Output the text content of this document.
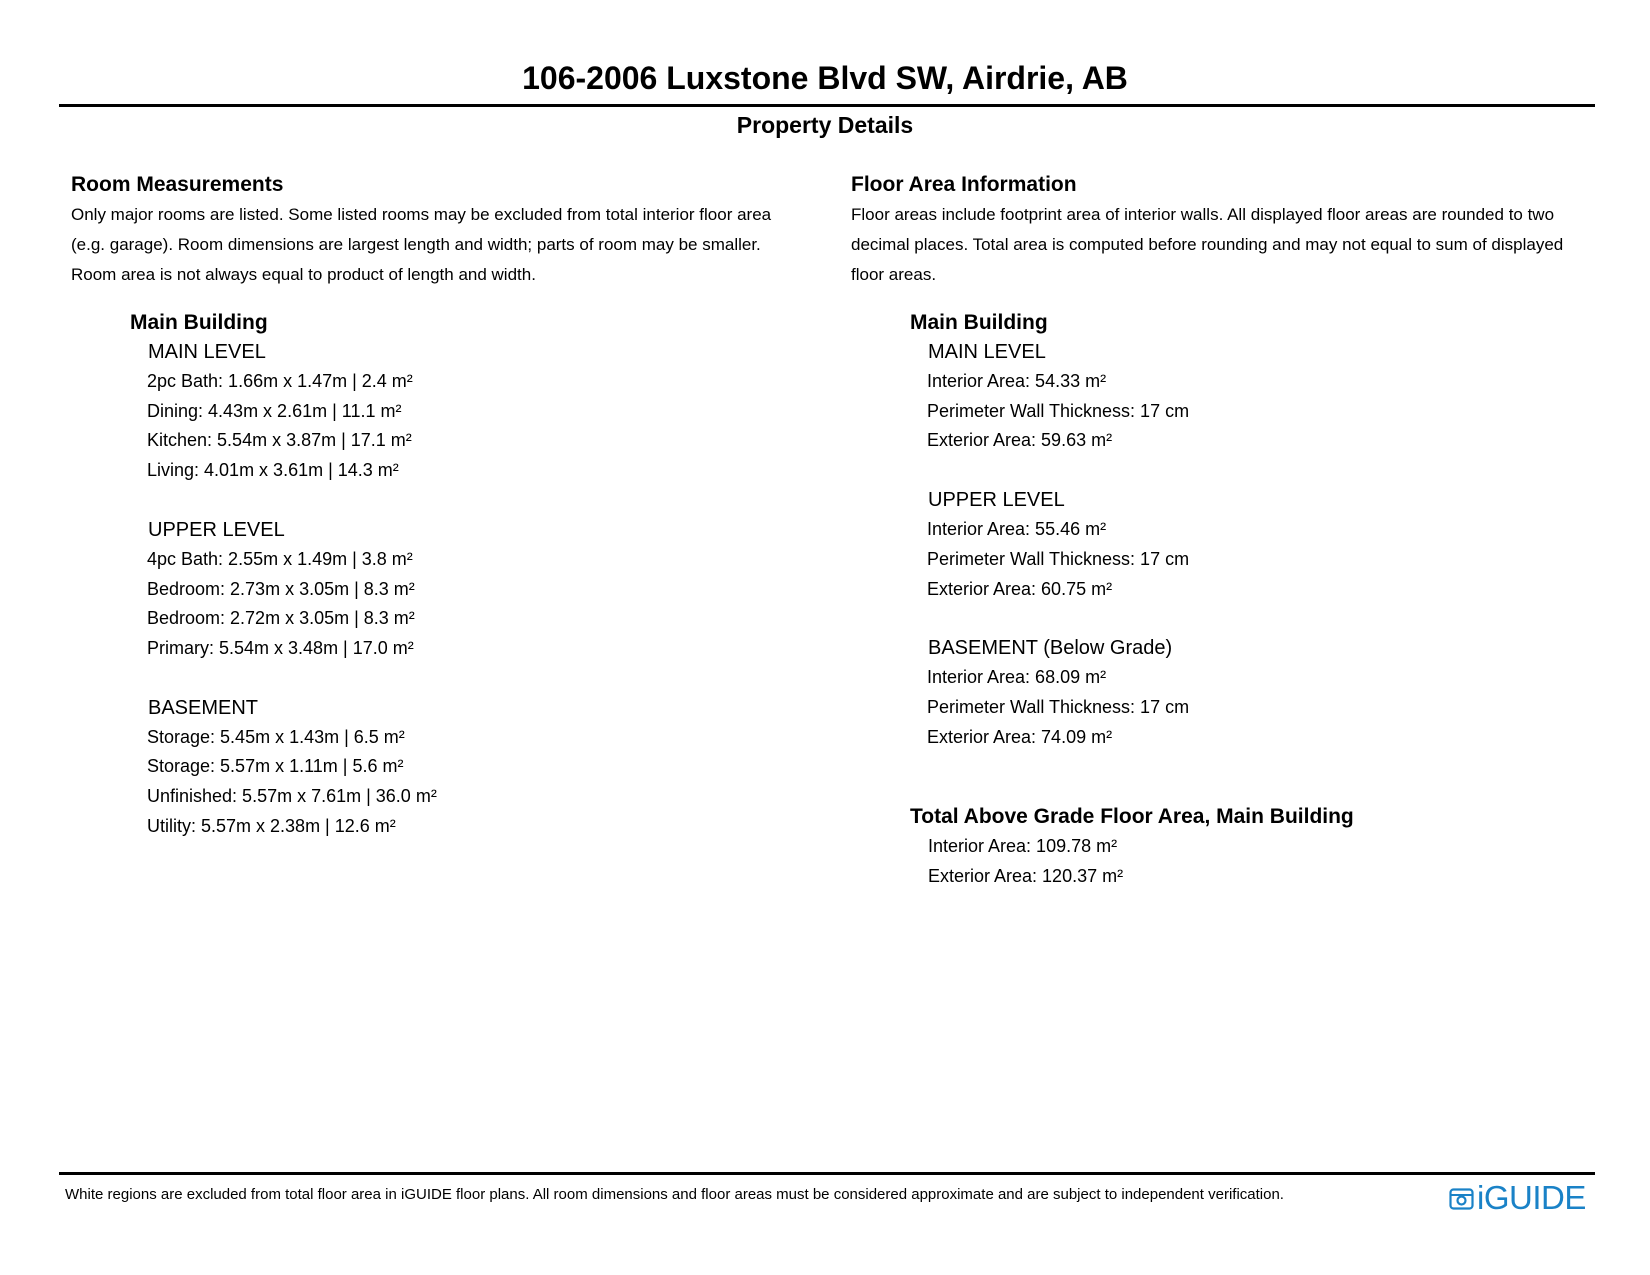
106-2006 Luxstone Blvd SW, Airdrie, AB
Property Details

Room Measurements

Only major rooms are listed. Some listed rooms may be excluded from total interior floor area

(e.g. garage). Room dimensions are largest length and width; parts of room may be smaller.

Room area is not always equal to product of length and width.

Main Building
MAIN LEVEL
2pc Bath: 1.66m x 1.47m | 2.4 m²
Dining: 4.43m x 2.61m | 11.1 m²
Kitchen: 5.54m x 3.87m | 17.1 m²
Living: 4.01m x 3.61m | 14.3 m²
UPPER LEVEL
4pc Bath: 2.55m x 1.49m | 3.8 m²
Bedroom: 2.73m x 3.05m | 8.3 m²
Bedroom: 2.72m x 3.05m | 8.3 m²
Primary: 5.54m x 3.48m | 17.0 m²
BASEMENT
Storage: 5.45m x 1.43m | 6.5 m²
Storage: 5.57m x 1.11m | 5.6 m²
Unfinished: 5.57m x 7.61m | 36.0 m²
Utility: 5.57m x 2.38m | 12.6 m²

Floor Area Information

Floor areas include footprint area of interior walls. All displayed floor areas are rounded to two

decimal places. Total area is computed before rounding and may not equal to sum of displayed

floor areas.

Main Building
MAIN LEVEL
Interior Area: 54.33 m²
Perimeter Wall Thickness: 17 cm
Exterior Area: 59.63 m²
UPPER LEVEL
Interior Area: 55.46 m²
Perimeter Wall Thickness: 17 cm
Exterior Area: 60.75 m²
BASEMENT (Below Grade)
Interior Area: 68.09 m²
Perimeter Wall Thickness: 17 cm
Exterior Area: 74.09 m²
Total Above Grade Floor Area, Main Building
Interior Area: 109.78 m²
Exterior Area: 120.37 m²
White regions are excluded from total floor area in iGUIDE floor plans. All room dimensions and floor areas must be considered approximate and are subject to independent verification.	iGUIDE
